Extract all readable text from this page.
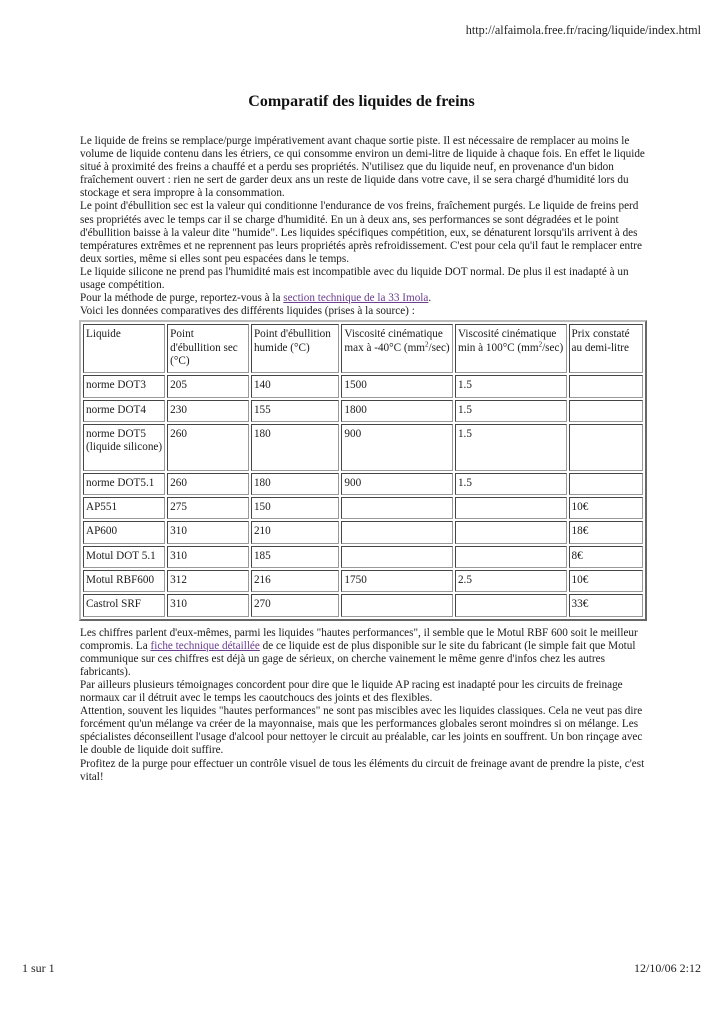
http://alfaimola.free.fr/racing/liquide/index.html
Comparatif des liquides de freins

Le liquide de freins se remplace/purge impérativement avant chaque sortie piste. Il est nécessaire de remplacer au moins le volume de liquide contenu dans les étriers, ce qui consomme environ un demi-litre de liquide à chaque fois. En effet le liquide situé à proximité des freins a chauffé et a perdu ses propriétés. N'utilisez que du liquide neuf, en provenance d'un bidon fraîchement ouvert : rien ne sert de garder deux ans un reste de liquide dans votre cave, il se sera chargé d'humidité lors du stockage et sera impropre à la consommation.

Le point d'ébullition sec est la valeur qui conditionne l'endurance de vos freins, fraîchement purgés. Le liquide de freins perd ses propriétés avec le temps car il se charge d'humidité. En un à deux ans, ses performances se sont dégradées et le point d'ébullition baisse à la valeur dite "humide". Les liquides spécifiques compétition, eux, se dénaturent lorsqu'ils arrivent à des températures extrêmes et ne reprennent pas leurs propriétés après refroidissement. C'est pour cela qu'il faut le remplacer entre deux sorties, même si elles sont peu espacées dans le temps.

Le liquide silicone ne prend pas l'humidité mais est incompatible avec du liquide DOT normal. De plus il est inadapté à un usage compétition.

Pour la méthode de purge, reportez-vous à la section technique de la 33 Imola.

Voici les données comparatives des différents liquides (prises à la source) :

Liquide	Point d'ébullition sec (°C)	Point d'ébullition humide (°C)	Viscosité cinématique max à -40°C $(mm^2/\sec)$	Viscosité cinématique min à 100°C $(mm^2/\sec)$	Prix constaté au demi-litre
norme DOT3	205	140	1500	1.5	
norme DOT4	230	155	1800	1.5	
norme DOT5 (liquide silicone)	260	180	900	1.5	
norme DOT5.1	260	180	900	1.5	
AP551	275	150			10€
AP600	310	210			18€
Motul DOT 5.1	310	185			8€
Motul RBF600	312	216	1750	2.5	10€
Castrol SRF	310	270			33€

Les chiffres parlent d'eux-mêmes, parmi les liquides "hautes performances", il semble que le Motul RBF 600 soit le meilleur compromis. La fiche technique détaillée de ce liquide est de plus disponible sur le site du fabricant (le simple fait que Motul communique sur ces chiffres est déjà un gage de sérieux, on cherche vainement le même genre d'infos chez les autres fabricants).

Par ailleurs plusieurs témoignages concordent pour dire que le liquide AP racing est inadapté pour les circuits de freinage normaux car il détruit avec le temps les caoutchoucs des joints et des flexibles.

Attention, souvent les liquides "hautes performances" ne sont pas miscibles avec les liquides classiques. Cela ne veut pas dire forcément qu'un mélange va créer de la mayonnaise, mais que les performances globales seront moindres si on mélange. Les spécialistes déconseillent l'usage d'alcool pour nettoyer le circuit au préalable, car les joints en souffrent. Un bon rinçage avec le double de liquide doit suffire.

Profitez de la purge pour effectuer un contrôle visuel de tous les éléments du circuit de freinage avant de prendre la piste, c'est vital!

1 sur 1	12/10/06 2:12
